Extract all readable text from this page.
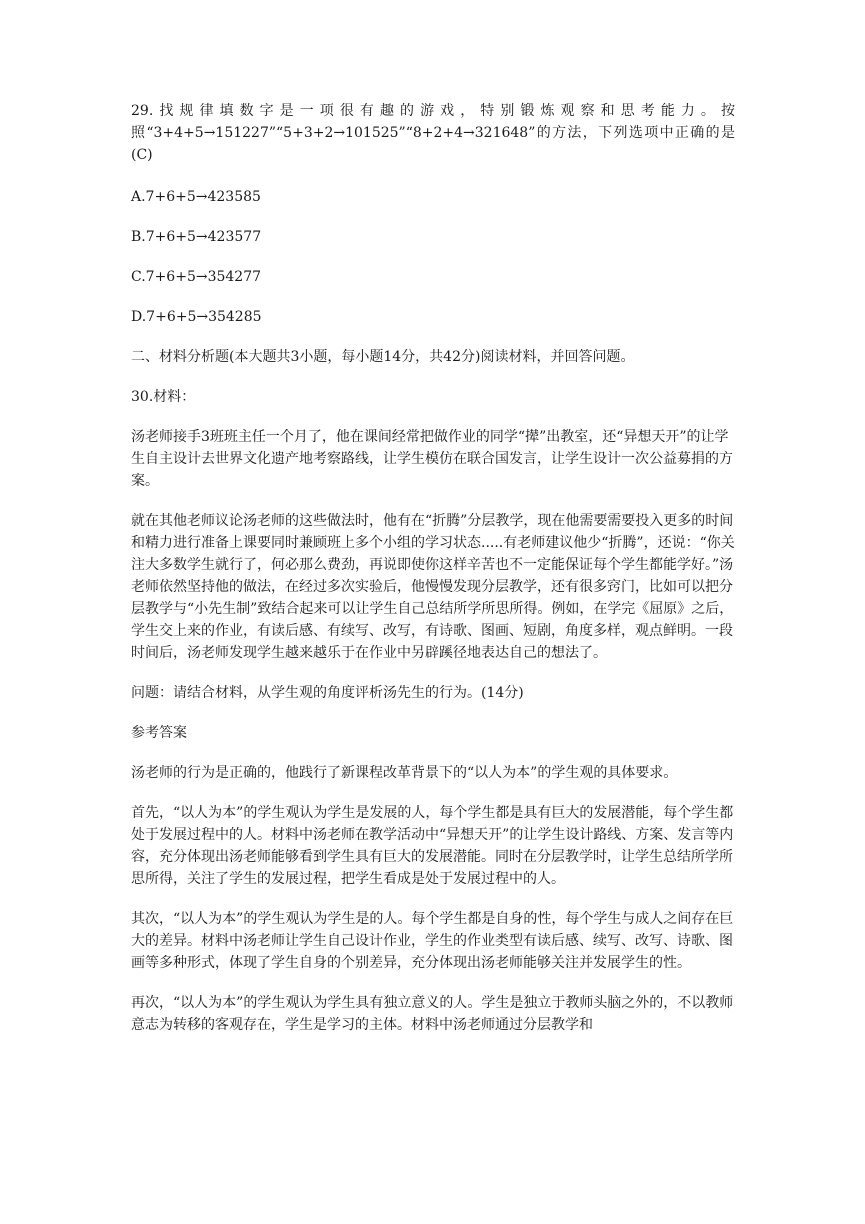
29.找规律填数字是一项很有趣的游戏，特别锻炼观察和思考能力。按照“3+4+5→151227”“5+3+2→101525”“8+2+4→321648”的方法，下列选项中正确的是(C)

A.7+6+5→423585

B.7+6+5→423577

C.7+6+5→354277

D.7+6+5→354285

二、材料分析题(本大题共3小题，每小题14分，共42分)阅读材料，并回答问题。

30.材料：

汤老师接手3班班主任一个月了，他在课间经常把做作业的同学“撵”出教室，还“异想天开”的让学生自主设计去世界文化遗产地考察路线，让学生模仿在联合国发言，让学生设计一次公益募捐的方案。

就在其他老师议论汤老师的这些做法时，他有在“折腾”分层教学，现在他需要需要投入更多的时间和精力进行准备上课要同时兼顾班上多个小组的学习状态.....有老师建议他少“折腾”，还说：“你关注大多数学生就行了，何必那么费劲，再说即使你这样辛苦也不一定能保证每个学生都能学好。”汤老师依然坚持他的做法，在经过多次实验后，他慢慢发现分层教学，还有很多窍门，比如可以把分层教学与“小先生制”致结合起来可以让学生自己总结所学所思所得。例如，在学完《屈原》之后，学生交上来的作业，有读后感、有续写、改写，有诗歌、图画、短剧，角度多样，观点鲜明。一段时间后，汤老师发现学生越来越乐于在作业中另辟蹊径地表达自己的想法了。

问题：请结合材料，从学生观的角度评析汤先生的行为。(14分)

参考答案

汤老师的行为是正确的，他践行了新课程改革背景下的“以人为本”的学生观的具体要求。

首先，“以人为本”的学生观认为学生是发展的人，每个学生都是具有巨大的发展潜能，每个学生都处于发展过程中的人。材料中汤老师在教学活动中“异想天开”的让学生设计路线、方案、发言等内容，充分体现出汤老师能够看到学生具有巨大的发展潜能。同时在分层教学时，让学生总结所学所思所得，关注了学生的发展过程，把学生看成是处于发展过程中的人。

其次，“以人为本”的学生观认为学生是的人。每个学生都是自身的性，每个学生与成人之间存在巨大的差异。材料中汤老师让学生自己设计作业，学生的作业类型有读后感、续写、改写、诗歌、图画等多种形式，体现了学生自身的个别差异，充分体现出汤老师能够关注并发展学生的性。

再次，“以人为本”的学生观认为学生具有独立意义的人。学生是独立于教师头脑之外的，不以教师意志为转移的客观存在，学生是学习的主体。材料中汤老师通过分层教学和
